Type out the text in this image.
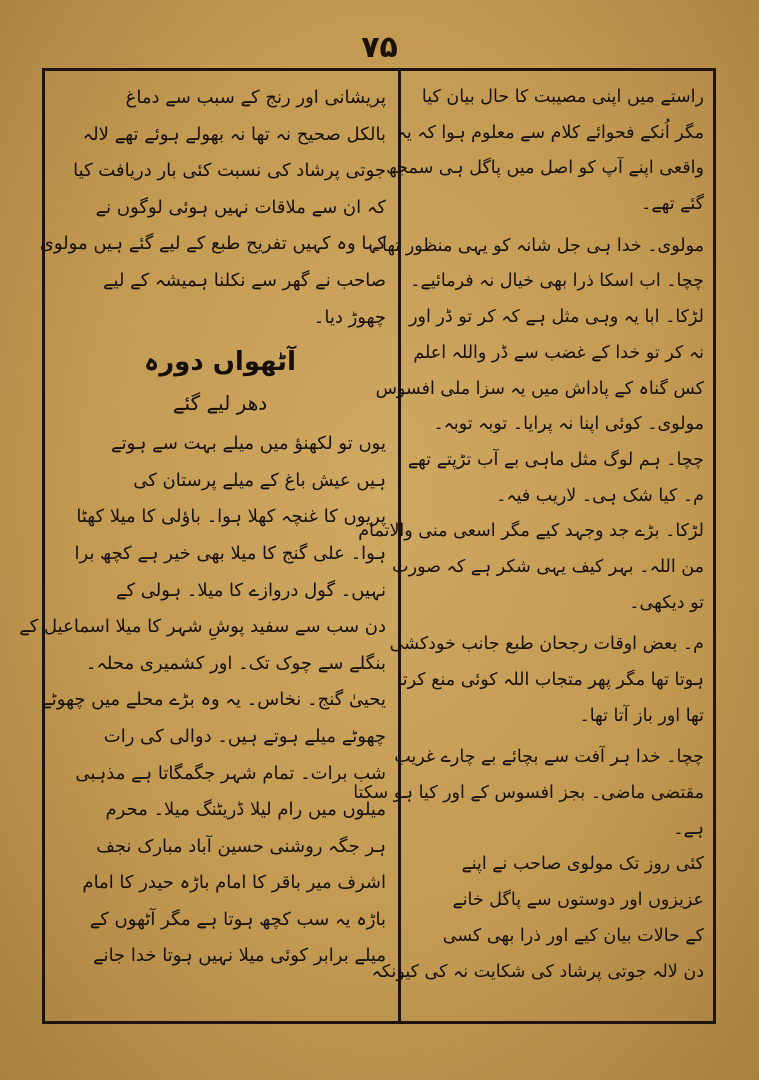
۷۵
راستے میں اپنی مصیبت کا حال بیان کیا
مگر اُنکے فحوائے کلام سے معلوم ہوا کہ یہ
واقعی اپنے آپ کو اصل میں پاگل ہی سمجھ
گئے تھے۔
مولوی۔ خدا ہی جل شانہ کو یہی منظور تھا۔
چچا۔ اب اسکا ذرا بھی خیال نہ فرمائیے۔
لڑکا۔ ابا یہ وہی مثل ہے کہ کر تو ڈر اور
نہ کر تو خدا کے غضب سے ڈر واللہ اعلم
کس گناہ کے پاداش میں یہ سزا ملی افسوس
مولوی۔ کوئی اپنا نہ پرایا۔ توبہ توبہ۔
چچا۔ ہم لوگ مثل ماہی بے آب تڑپتے تھے
م۔ کیا شک ہی۔ لاریب فیہ۔
لڑکا۔ بڑے جد وجہد کیے مگر اسعی منی والاتمام
من اللہ۔ بہر کیف یہی شکر ہے کہ صورت
تو دیکھی۔
م۔ بعض اوقات رجحان طبع جانب خودکشی
ہوتا تھا مگر پھر متجاب اللہ کوئی منع کرتا
تھا اور باز آتا تھا۔
چچا۔ خدا ہر آفت سے بچائے بے چارے غریب
مقتضی ماضی۔ بجز افسوس کے اور کیا ہو سکتا
ہے۔
کئی روز تک مولوی صاحب نے اپنے
عزیزوں اور دوستوں سے پاگل خانے
کے حالات بیان کیے اور ذرا بھی کسی
دن لالہ جوتی پرشاد کی شکایت نہ کی کیونکہ
پریشانی اور رنج کے سبب سے دماغ
بالکل صحیح نہ تھا نہ بھولے ہوئے تھے لالہ
جوتی پرشاد کی نسبت کئی بار دریافت کیا
کہ ان سے ملاقات نہیں ہوئی لوگوں نے
کہا وہ کہیں تفریح طبع کے لیے گئے ہیں مولوی
صاحب نے گھر سے نکلنا ہمیشہ کے لیے
چھوڑ دیا۔
آٹھواں دورہ
دھر لیے گئے
یوں تو لکھنؤ میں میلے بہت سے ہوتے
ہیں عیش باغ کے میلے پرستان کی
پریوں کا غنچہ کھلا ہوا۔ باؤلی کا میلا کھٹا
ہوا۔ علی گنج کا میلا بھی خیر ہے کچھ برا
نہیں۔ گول دروازے کا میلا۔ ہولی کے
دن سب سے سفید پوشِ شہر کا میلا اسماعیل کے
بنگلے سے چوک تک۔ اور کشمیری محلہ۔
یحییٰ گنج۔ نخاس۔ یہ وہ بڑے محلے میں چھوٹے
چھوٹے میلے ہوتے ہیں۔ دوالی کی رات
شب برات۔ تمام شہر جگمگاتا ہے مذہبی
میلوں میں رام لیلا ڈریٹنگ میلا۔ محرم
ہر جگہ روشنی حسین آباد مبارک نجف
اشرف میر باقر کا امام باڑہ حیدر کا امام
باڑہ یہ سب کچھ ہوتا ہے مگر آٹھوں کے
میلے برابر کوئی میلا نہیں ہوتا خدا جانے
